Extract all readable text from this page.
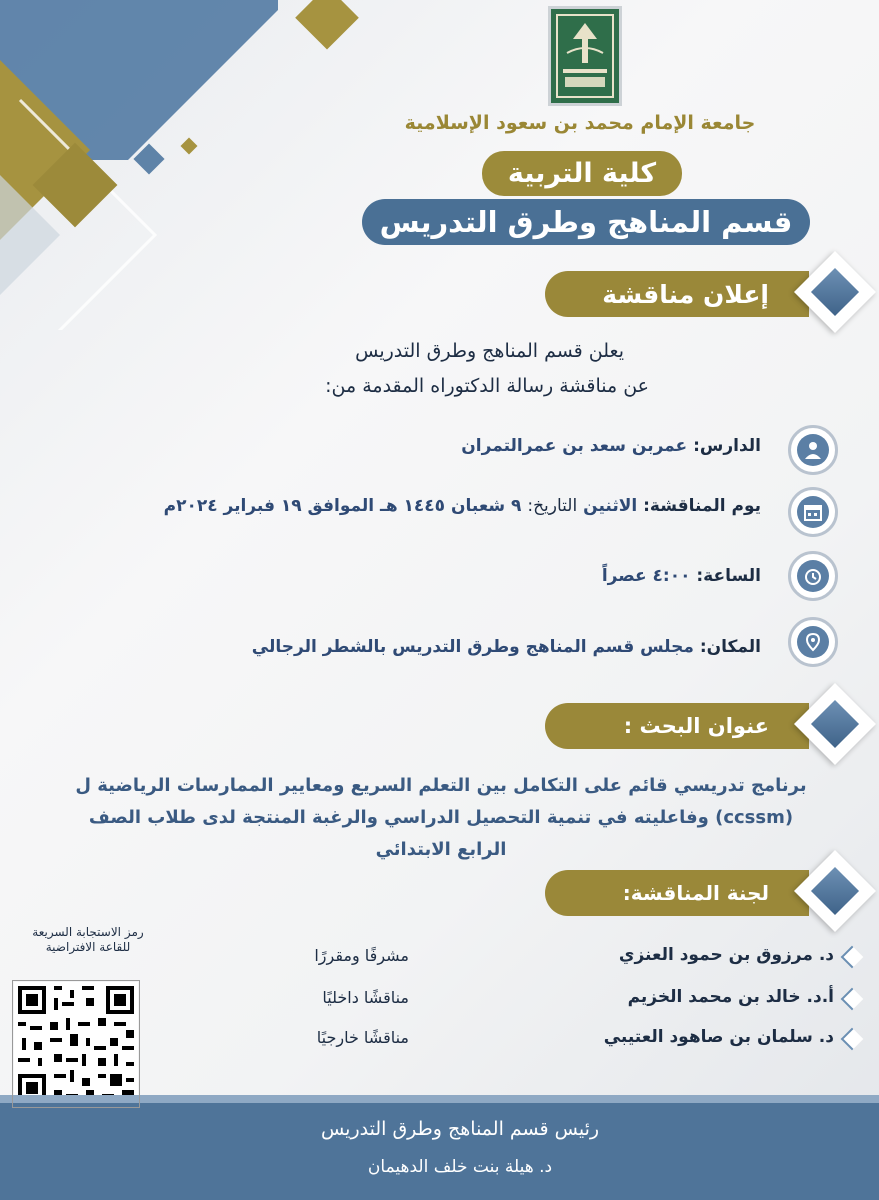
جامعة الإمام محمد بن سعود الإسلامية
كلية التربية
قسم المناهج وطرق التدريس
إعلان مناقشة
يعلن قسم المناهج وطرق التدريس
عن مناقشة رسالة الدكتوراه المقدمة من:
الدارس: عمربن سعد بن عمرالتمران
يوم المناقشة: الاثنين التاريخ: ٩ شعبان ١٤٤٥ هـ الموافق ١٩ فبراير ٢٠٢٤م
الساعة: ٤:٠٠ عصراً
المكان: مجلس قسم المناهج وطرق التدريس بالشطر الرجالي
عنوان البحث :
برنامج تدريسي قائم على التكامل بين التعلم السريع ومعايير الممارسات الرياضية ل
(ccssm) وفاعليته في تنمية التحصيل الدراسي والرغبة المنتجة لدى طلاب الصف
الرابع الابتدائي
لجنة المناقشة:
د. مرزوق بن حمود العنزي
أ.د. خالد بن محمد الخزيم
د. سلمان بن صاهود العتيبي
مشرفًا ومقررًا
مناقشًا داخليًا
مناقشًا خارجيًا
رمز الاستجابة السريعة
للقاعة الافتراضية
رئيس قسم المناهج وطرق التدريس
د. هيلة بنت خلف الدهيمان
